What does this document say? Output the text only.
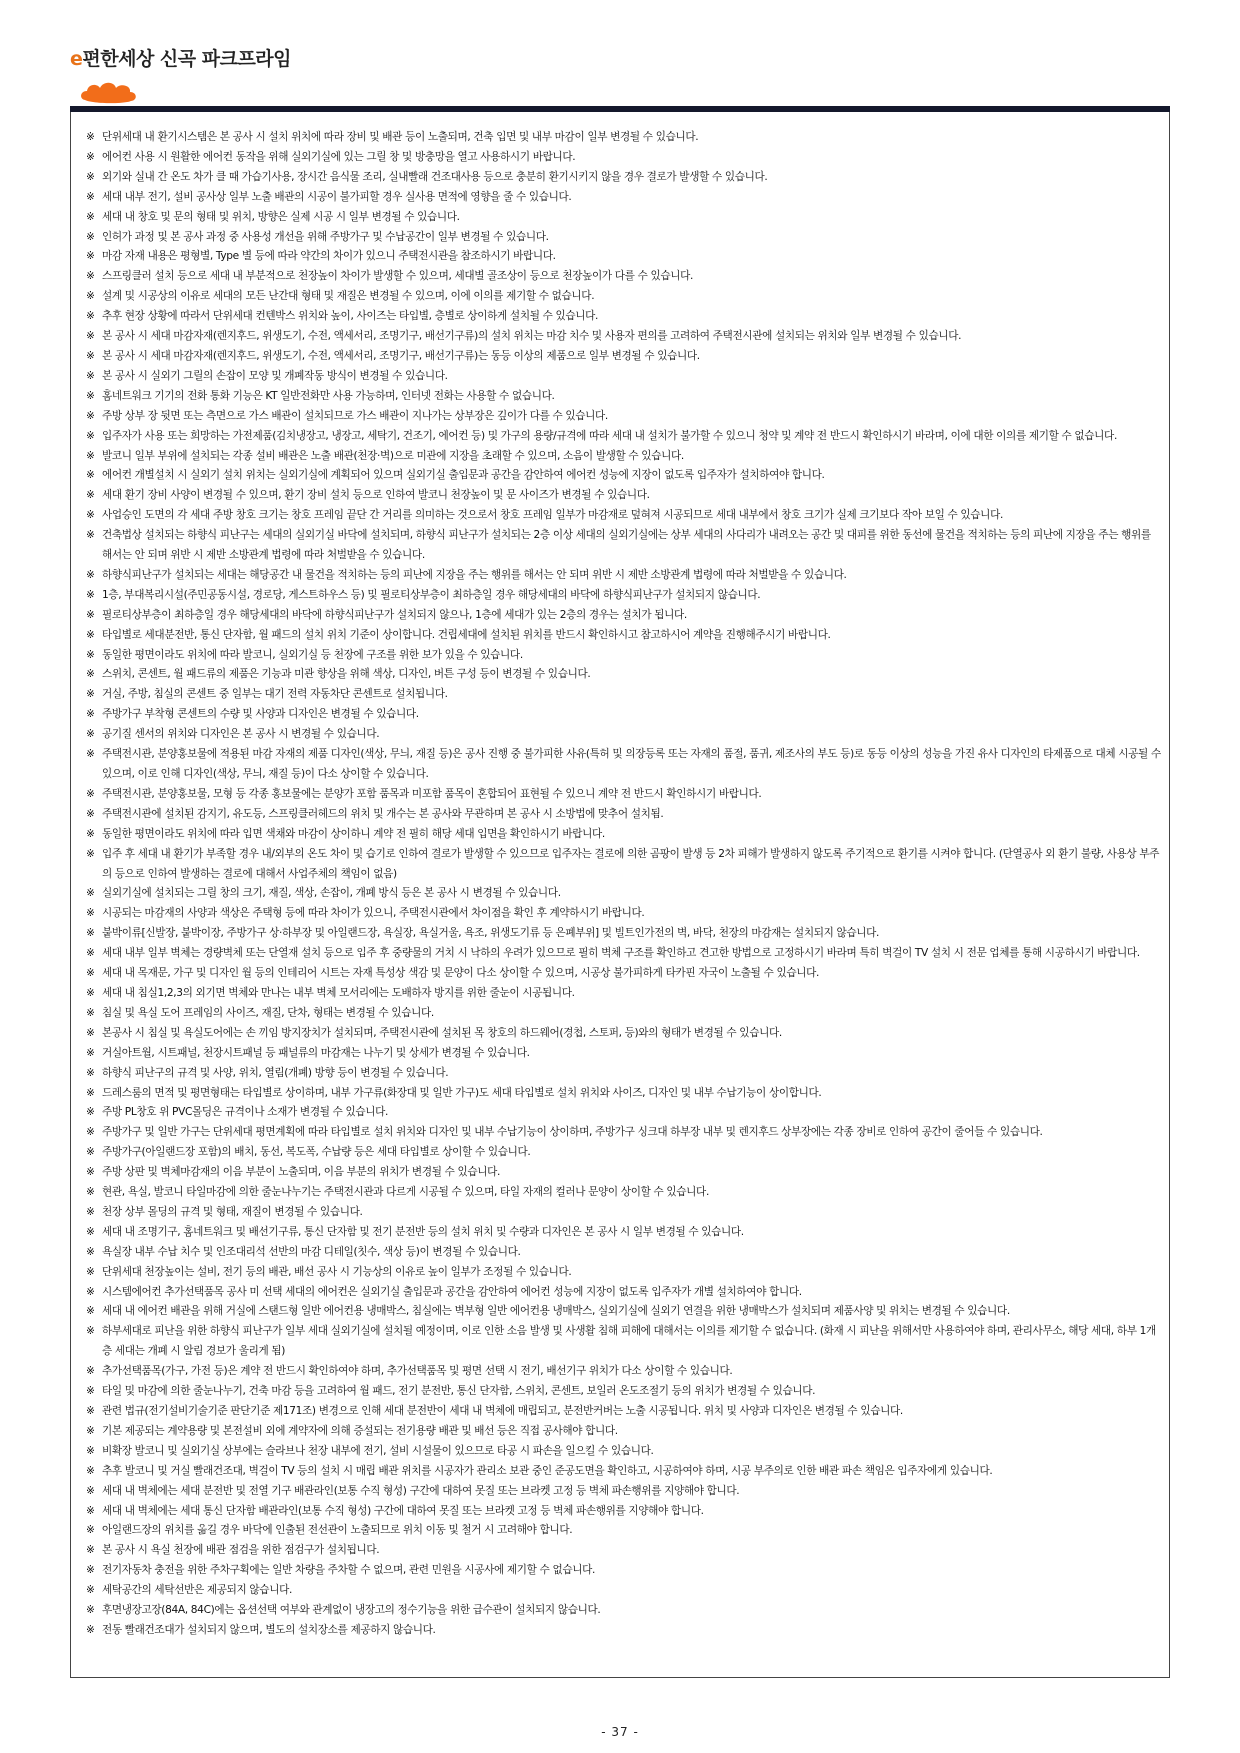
e편한세상 신곡 파크프라임
※ 단위세대 내 환기시스템은 본 공사 시 설치 위치에 따라 장비 및 배관 등이 노출되며, 건축 입면 및 내부 마감이 일부 변경될 수 있습니다.
※ 에어컨 사용 시 원활한 에어컨 동작을 위해 실외기실에 있는 그릴 창 및 방충망을 열고 사용하시기 바랍니다.
※ 외기와 실내 간 온도 차가 클 때 가습기사용, 장시간 음식물 조리, 실내빨래 건조대사용 등으로 충분히 환기시키지 않을 경우 결로가 발생할 수 있습니다.
※ 세대 내부 전기, 설비 공사상 일부 노출 배관의 시공이 불가피할 경우 실사용 면적에 영향을 줄 수 있습니다.
※ 세대 내 창호 및 문의 형태 및 위치, 방향은 실제 시공 시 일부 변경될 수 있습니다.
※ 인허가 과정 및 본 공사 과정 중 사용성 개선을 위해 주방가구 및 수납공간이 일부 변경될 수 있습니다.
※ 마감 자재 내용은 평형별, Type 별 등에 따라 약간의 차이가 있으니 주택전시관을 참조하시기 바랍니다.
※ 스프링클러 설치 등으로 세대 내 부분적으로 천장높이 차이가 발생할 수 있으며, 세대별 골조상이 등으로 천장높이가 다를 수 있습니다.
※ 설계 및 시공상의 이유로 세대의 모든 난간대 형태 및 재질은 변경될 수 있으며, 이에 이의를 제기할 수 없습니다.
※ 추후 현장 상황에 따라서 단위세대 컨텐박스 위치와 높이, 사이즈는 타입별, 층별로 상이하게 설치될 수 있습니다.
※ 본 공사 시 세대 마감자재(렌지후드, 위생도기, 수전, 액세서리, 조명기구, 배선기구류)의 설치 위치는 마감 치수 및 사용자 편의를 고려하여 주택전시관에 설치되는 위치와 일부 변경될 수 있습니다.
※ 본 공사 시 세대 마감자재(렌지후드, 위생도기, 수전, 액세서리, 조명기구, 배선기구류)는 동등 이상의 제품으로 일부 변경될 수 있습니다.
※ 본 공사 시 실외기 그릴의 손잡이 모양 및 개폐작동 방식이 변경될 수 있습니다.
※ 홈네트워크 기기의 전화 통화 기능은 KT 일반전화만 사용 가능하며, 인터넷 전화는 사용할 수 없습니다.
※ 주방 상부 장 뒷면 또는 측면으로 가스 배관이 설치되므로 가스 배관이 지나가는 상부장은 깊이가 다를 수 있습니다.
※ 입주자가 사용 또는 희망하는 가전제품(김치냉장고, 냉장고, 세탁기, 건조기, 에어컨 등) 및 가구의 용량/규격에 따라 세대 내 설치가 불가할 수 있으니 청약 및 계약 전 반드시 확인하시기 바라며, 이에 대한 이의를 제기할 수 없습니다.
※ 발코니 일부 부위에 설치되는 각종 설비 배관은 노출 배관(천장·벽)으로 미관에 지장을 초래할 수 있으며, 소음이 발생할 수 있습니다.
※ 에어컨 개별설치 시 실외기 설치 위치는 실외기실에 계획되어 있으며 실외기실 출입문과 공간을 감안하여 에어컨 성능에 지장이 없도록 입주자가 설치하여야 합니다.
※ 세대 환기 장비 사양이 변경될 수 있으며, 환기 장비 설치 등으로 인하여 발코니 천장높이 및 문 사이즈가 변경될 수 있습니다.
※ 사업승인 도면의 각 세대 주방 창호 크기는 창호 프레임 끝단 간 거리를 의미하는 것으로서 창호 프레임 일부가 마감재로 덮혀져 시공되므로 세대 내부에서 창호 크기가 실제 크기보다 작아 보일 수 있습니다.
※ 건축법상 설치되는 하향식 피난구는 세대의 실외기실 바닥에 설치되며, 하향식 피난구가 설치되는 2층 이상 세대의 실외기실에는 상부 세대의 사다리가 내려오는 공간 및 대피를 위한 동선에 물건을 적치하는 등의 피난에 지장을 주는 행위를 해서는 안 되며 위반 시 제반 소방관계 법령에 따라 처벌받을 수 있습니다.
※ 하향식피난구가 설치되는 세대는 해당공간 내 물건을 적치하는 등의 피난에 지장을 주는 행위를 해서는 안 되며 위반 시 제반 소방관계 법령에 따라 처벌받을 수 있습니다.
※ 1층, 부대복리시설(주민공동시설, 경로당, 게스트하우스 등) 및 필로티상부층이 최하층일 경우 해당세대의 바닥에 하향식피난구가 설치되지 않습니다.
※ 필로티상부층이 최하층일 경우 해당세대의 바닥에 하향식피난구가 설치되지 않으나, 1층에 세대가 있는 2층의 경우는 설치가 됩니다.
※ 타입별로 세대분전반, 통신 단자함, 월 패드의 설치 위치 기준이 상이합니다. 건립세대에 설치된 위치를 반드시 확인하시고 참고하시어 계약을 진행해주시기 바랍니다.
※ 동일한 평면이라도 위치에 따라 발코니, 실외기실 등 천장에 구조를 위한 보가 있을 수 있습니다.
※ 스위치, 콘센트, 월 패드류의 제품은 기능과 미관 향상을 위해 색상, 디자인, 버튼 구성 등이 변경될 수 있습니다.
※ 거실, 주방, 침실의 콘센트 중 일부는 대기 전력 자동차단 콘센트로 설치됩니다.
※ 주방가구 부착형 콘센트의 수량 및 사양과 디자인은 변경될 수 있습니다.
※ 공기질 센서의 위치와 디자인은 본 공사 시 변경될 수 있습니다.
※ 주택전시관, 분양홍보물에 적용된 마감 자재의 제품 디자인(색상, 무늬, 재질 등)은 공사 진행 중 불가피한 사유(특허 및 의장등록 또는 자재의 품절, 품귀, 제조사의 부도 등)로 동등 이상의 성능을 가진 유사 디자인의 타제품으로 대체 시공될 수 있으며, 이로 인해 디자인(색상, 무늬, 재질 등)이 다소 상이할 수 있습니다.
※ 주택전시관, 분양홍보물, 모형 등 각종 홍보물에는 분양가 포함 품목과 미포함 품목이 혼합되어 표현될 수 있으니 계약 전 반드시 확인하시기 바랍니다.
※ 주택전시관에 설치된 감지기, 유도등, 스프링클러헤드의 위치 및 개수는 본 공사와 무관하며 본 공사 시 소방법에 맞추어 설치됨.
※ 동일한 평면이라도 위치에 따라 입면 색채와 마감이 상이하니 계약 전 필히 해당 세대 입면을 확인하시기 바랍니다.
※ 입주 후 세대 내 환기가 부족할 경우 내/외부의 온도 차이 및 습기로 인하여 결로가 발생할 수 있으므로 입주자는 결로에 의한 곰팡이 발생 등 2차 피해가 발생하지 않도록 주기적으로 환기를 시켜야 합니다. (단열공사 외 환기 불량, 사용상 부주의 등으로 인하여 발생하는 결로에 대해서 사업주체의 책임이 없음)
※ 실외기실에 설치되는 그릴 창의 크기, 재질, 색상, 손잡이, 개폐 방식 등은 본 공사 시 변경될 수 있습니다.
※ 시공되는 마감재의 사양과 색상은 주택형 등에 따라 차이가 있으니, 주택전시관에서 차이점을 확인 후 계약하시기 바랍니다.
※ 붙박이류[신발장, 붙박이장, 주방가구 상·하부장 및 아일랜드장, 욕실장, 욕실거울, 욕조, 위생도기류 등 은폐부위] 및 빌트인가전의 벽, 바닥, 천장의 마감재는 설치되지 않습니다.
※ 세대 내부 일부 벽체는 경량벽체 또는 단열재 설치 등으로 입주 후 중량물의 거치 시 낙하의 우려가 있으므로 필히 벽체 구조를 확인하고 견고한 방법으로 고정하시기 바라며 특히 벽걸이 TV 설치 시 전문 업체를 통해 시공하시기 바랍니다.
※ 세대 내 목재문, 가구 및 디자인 월 등의 인테리어 시트는 자재 특성상 색감 및 문양이 다소 상이할 수 있으며, 시공상 불가피하게 타카핀 자국이 노출될 수 있습니다.
※ 세대 내 침실1,2,3의 외기면 벽체와 만나는 내부 벽체 모서리에는 도배하자 방지를 위한 줄눈이 시공됩니다.
※ 침실 및 욕실 도어 프레임의 사이즈, 재질, 단차, 형태는 변경될 수 있습니다.
※ 본공사 시 침실 및 욕실도어에는 손 끼임 방지장치가 설치되며, 주택전시관에 설치된 목 창호의 하드웨어(경첩, 스토퍼, 등)와의 형태가 변경될 수 있습니다.
※ 거실아트월, 시트패널, 천장시트패널 등 패널류의 마감재는 나누기 및 상세가 변경될 수 있습니다.
※ 하향식 피난구의 규격 및 사양, 위치, 열림(개폐) 방향 등이 변경될 수 있습니다.
※ 드레스룸의 면적 및 평면형태는 타입별로 상이하며, 내부 가구류(화장대 및 일반 가구)도 세대 타입별로 설치 위치와 사이즈, 디자인 및 내부 수납기능이 상이합니다.
※ 주방 PL창호 위 PVC몰딩은 규격이나 소재가 변경될 수 있습니다.
※ 주방가구 및 일반 가구는 단위세대 평면계획에 따라 타입별로 설치 위치와 디자인 및 내부 수납기능이 상이하며, 주방가구 싱크대 하부장 내부 및 렌지후드 상부장에는 각종 장비로 인하여 공간이 줄어들 수 있습니다.
※ 주방가구(아일랜드장 포함)의 배치, 동선, 복도폭, 수납량 등은 세대 타입별로 상이할 수 있습니다.
※ 주방 상판 및 벽체마감재의 이음 부분이 노출되며, 이음 부분의 위치가 변경될 수 있습니다.
※ 현관, 욕실, 발코니 타일마감에 의한 줄눈나누기는 주택전시관과 다르게 시공될 수 있으며, 타일 자재의 컬러나 문양이 상이할 수 있습니다.
※ 천장 상부 몰딩의 규격 및 형태, 재질이 변경될 수 있습니다.
※ 세대 내 조명기구, 홈네트워크 및 배선기구류, 통신 단자함 및 전기 분전반 등의 설치 위치 및 수량과 디자인은 본 공사 시 일부 변경될 수 있습니다.
※ 욕실장 내부 수납 치수 및 인조대리석 선반의 마감 디테일(칫수, 색상 등)이 변경될 수 있습니다.
※ 단위세대 천장높이는 설비, 전기 등의 배관, 배선 공사 시 기능상의 이유로 높이 일부가 조정될 수 있습니다.
※ 시스템에어컨 추가선택품목 공사 미 선택 세대의 에어컨은 실외기실 출입문과 공간을 감안하여 에어컨 성능에 지장이 없도록 입주자가 개별 설치하여야 합니다.
※ 세대 내 에어컨 배관을 위해 거실에 스탠드형 일반 에어컨용 냉매박스, 침실에는 벽부형 일반 에어컨용 냉매박스, 실외기실에 실외기 연결을 위한 냉매박스가 설치되며 제품사양 및 위치는 변경될 수 있습니다.
※ 하부세대로 피난을 위한 하향식 피난구가 일부 세대 실외기실에 설치될 예정이며, 이로 인한 소음 발생 및 사생활 침해 피해에 대해서는 이의를 제기할 수 없습니다. (화재 시 피난을 위해서만 사용하여야 하며, 관리사무소, 해당 세대, 하부 1개 층 세대는 개폐 시 알림 경보가 울리게 됨)
※ 추가선택품목(가구, 가전 등)은 계약 전 반드시 확인하여야 하며, 추가선택품목 및 평면 선택 시 전기, 배선기구 위치가 다소 상이할 수 있습니다.
※ 타일 및 마감에 의한 줄눈나누기, 건축 마감 등을 고려하여 월 패드, 전기 분전반, 통신 단자함, 스위치, 콘센트, 보일러 온도조절기 등의 위치가 변경될 수 있습니다.
※ 관련 법규(전기설비기술기준 판단기준 제171조) 변경으로 인해 세대 분전반이 세대 내 벽체에 매립되고, 분전반커버는 노출 시공됩니다. 위치 및 사양과 디자인은 변경될 수 있습니다.
※ 기본 제공되는 계약용량 및 본전설비 외에 계약자에 의해 증설되는 전기용량 배관 및 배선 등은 직접 공사해야 합니다.
※ 비확장 발코니 및 실외기실 상부에는 슬라브나 천장 내부에 전기, 설비 시설물이 있으므로 타공 시 파손을 일으킬 수 있습니다.
※ 추후 발코니 및 거실 빨래건조대, 벽걸이 TV 등의 설치 시 매립 배관 위치를 시공자가 관리소 보관 중인 준공도면을 확인하고, 시공하여야 하며, 시공 부주의로 인한 배관 파손 책임은 입주자에게 있습니다.
※ 세대 내 벽체에는 세대 분전반 및 전열 기구 배관라인(보통 수직 형성) 구간에 대하여 못질 또는 브라켓 고정 등 벽체 파손행위를 지양해야 합니다.
※ 세대 내 벽체에는 세대 통신 단자함 배관라인(보통 수직 형성) 구간에 대하여 못질 또는 브라켓 고정 등 벽체 파손행위를 지양해야 합니다.
※ 아일랜드장의 위치를 옮길 경우 바닥에 인출된 전선관이 노출되므로 위치 이동 및 철거 시 고려해야 합니다.
※ 본 공사 시 욕실 천장에 배관 점검을 위한 점검구가 설치됩니다.
※ 전기자동차 충전을 위한 주차구획에는 일반 차량을 주차할 수 없으며, 관련 민원을 시공사에 제기할 수 없습니다.
※ 세탁공간의 세탁선반은 제공되지 않습니다.
※ 후면냉장고장(84A, 84C)에는 옵션선택 여부와 관계없이 냉장고의 정수기능을 위한 급수관이 설치되지 않습니다.
※ 전동 빨래건조대가 설치되지 않으며, 별도의 설치장소를 제공하지 않습니다.
- 37 -
